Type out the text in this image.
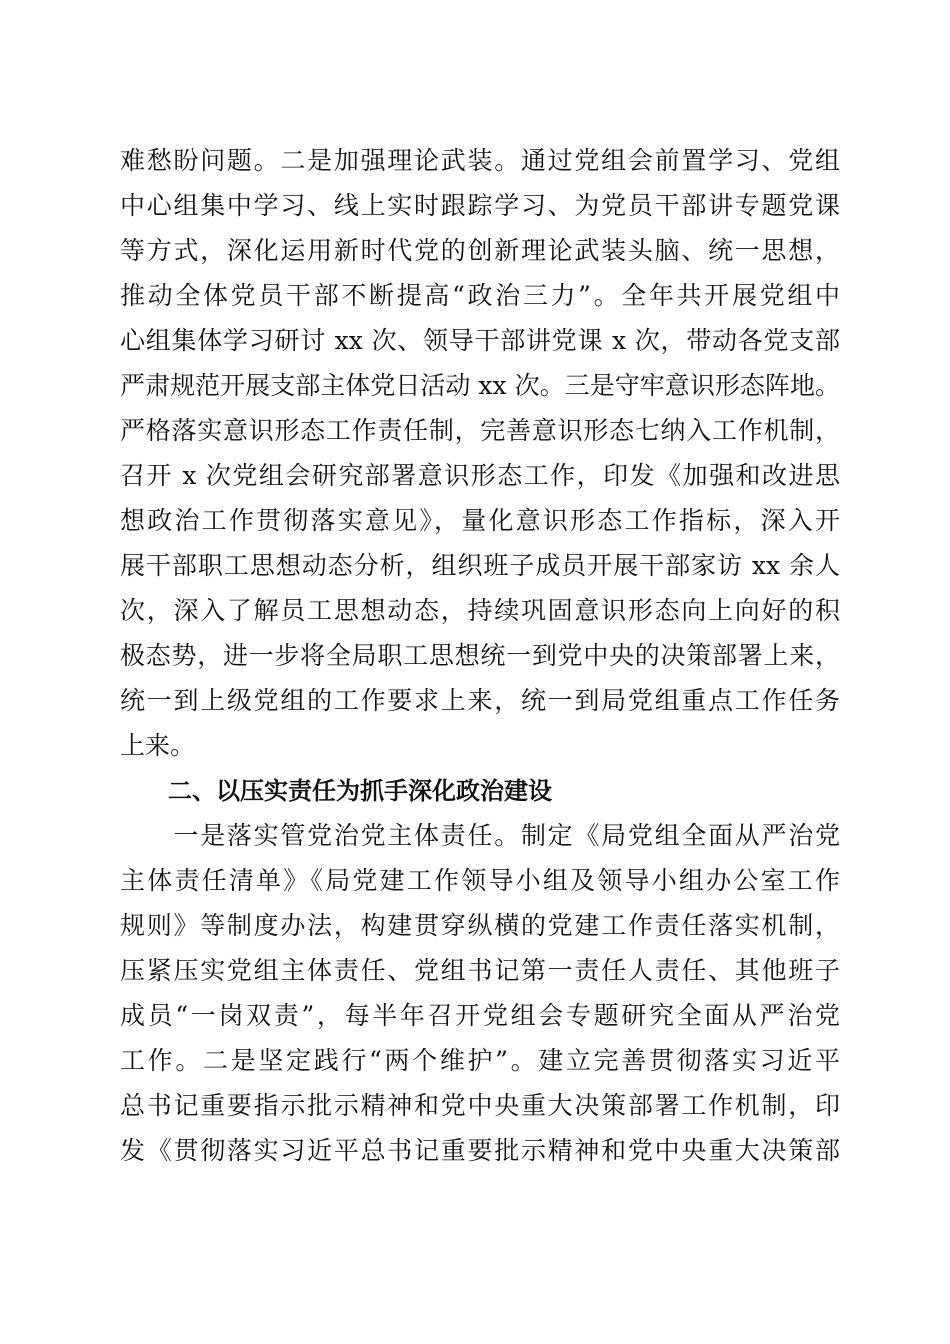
难愁盼问题。二是加强理论武装。通过党组会前置学习、党组
中心组集中学习、线上实时跟踪学习、为党员干部讲专题党课
等方式，深化运用新时代党的创新理论武装头脑、统一思想，
推动全体党员干部不断提高“政治三力”。全年共开展党组中
心组集体学习研讨 xx 次、领导干部讲党课 x 次，带动各党支部
严肃规范开展支部主体党日活动 xx 次。三是守牢意识形态阵地。
严格落实意识形态工作责任制，完善意识形态七纳入工作机制，
召开 x 次党组会研究部署意识形态工作，印发《加强和改进思
想政治工作贯彻落实意见》，量化意识形态工作指标，深入开
展干部职工思想动态分析，组织班子成员开展干部家访 xx 余人
次，深入了解员工思想动态，持续巩固意识形态向上向好的积
极态势，进一步将全局职工思想统一到党中央的决策部署上来，
统一到上级党组的工作要求上来，统一到局党组重点工作任务
上来。
二、以压实责任为抓手深化政治建设
　　一是落实管党治党主体责任。制定《局党组全面从严治党
主体责任清单》《局党建工作领导小组及领导小组办公室工作
规则》等制度办法，构建贯穿纵横的党建工作责任落实机制，
压紧压实党组主体责任、党组书记第一责任人责任、其他班子
成员“一岗双责”，每半年召开党组会专题研究全面从严治党
工作。二是坚定践行“两个维护”。建立完善贯彻落实习近平
总书记重要指示批示精神和党中央重大决策部署工作机制，印
发《贯彻落实习近平总书记重要批示精神和党中央重大决策部
